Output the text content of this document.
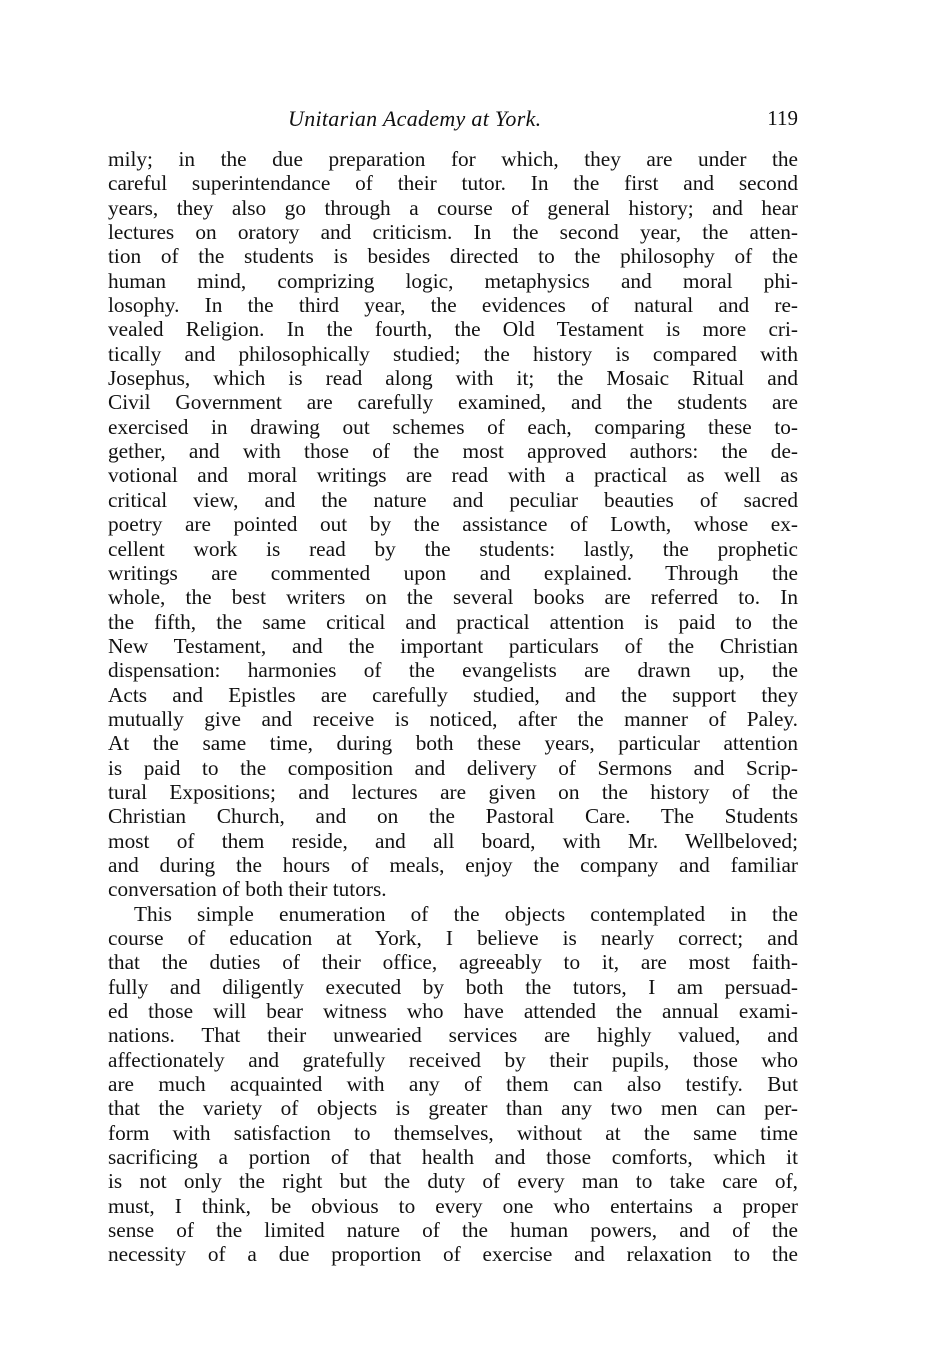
Unitarian Academy at York.	119
mily; in the due preparation for which, they are under the
careful superintendance of their tutor. In the first and second
years, they also go through a course of general history; and hear
lectures on oratory and criticism. In the second year, the atten-
tion of the students is besides directed to the philosophy of the
human mind, comprizing logic, metaphysics and moral phi-
losophy. In the third year, the evidences of natural and re-
vealed Religion. In the fourth, the Old Testament is more cri-
tically and philosophically studied; the history is compared with
Josephus, which is read along with it; the Mosaic Ritual and
Civil Government are carefully examined, and the students are
exercised in drawing out schemes of each, comparing these to-
gether, and with those of the most approved authors: the de-
votional and moral writings are read with a practical as well as
critical view, and the nature and peculiar beauties of sacred
poetry are pointed out by the assistance of Lowth, whose ex-
cellent work is read by the students: lastly, the prophetic
writings are commented upon and explained. Through the
whole, the best writers on the several books are referred to. In
the fifth, the same critical and practical attention is paid to the
New Testament, and the important particulars of the Christian
dispensation: harmonies of the evangelists are drawn up, the
Acts and Epistles are carefully studied, and the support they
mutually give and receive is noticed, after the manner of Paley.
At the same time, during both these years, particular attention
is paid to the composition and delivery of Sermons and Scrip-
tural Expositions; and lectures are given on the history of the
Christian Church, and on the Pastoral Care. The Students
most of them reside, and all board, with Mr. Wellbeloved;
and during the hours of meals, enjoy the company and familiar
conversation of both their tutors.
This simple enumeration of the objects contemplated in the
course of education at York, I believe is nearly correct; and
that the duties of their office, agreeably to it, are most faith-
fully and diligently executed by both the tutors, I am persuad-
ed those will bear witness who have attended the annual exami-
nations. That their unwearied services are highly valued, and
affectionately and gratefully received by their pupils, those who
are much acquainted with any of them can also testify. But
that the variety of objects is greater than any two men can per-
form with satisfaction to themselves, without at the same time
sacrificing a portion of that health and those comforts, which it
is not only the right but the duty of every man to take care of,
must, I think, be obvious to every one who entertains a proper
sense of the limited nature of the human powers, and of the
necessity of a due proportion of exercise and relaxation to the
